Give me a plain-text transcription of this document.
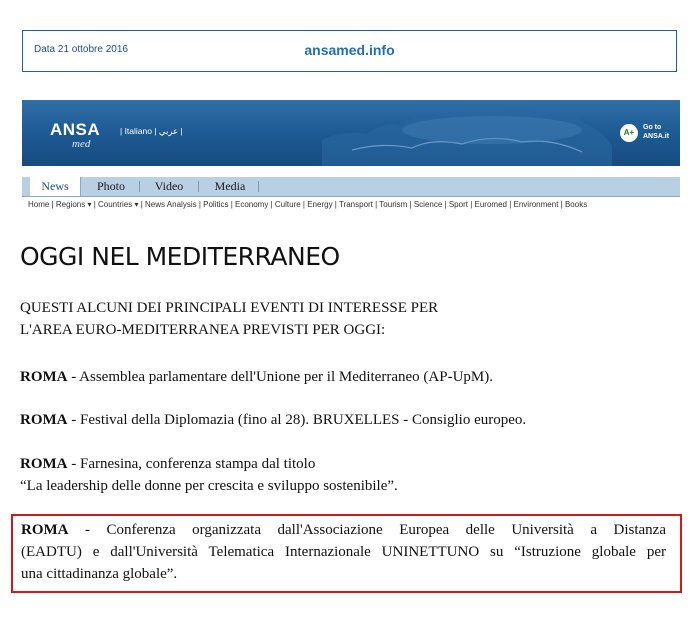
Data 21 ottobre 2016	ansamed.info
ANSA
med
| Italiano | عربي |	A+
Go to
ANSA.it
News	Photo	Video	Media
Home | Regions ▾ | Countries ▾ | News Analysis | Politics | Economy | Culture | Energy | Transport | Tourism | Science | Sport | Euromed | Environment | Books
OGGI NEL MEDITERRANEO
QUESTI ALCUNI DEI PRINCIPALI EVENTI DI INTERESSE PER
L'AREA EURO-MEDITERRANEA PREVISTI PER OGGI:
ROMA - Assemblea parlamentare dell'Unione per il Mediterraneo (AP-UpM).
ROMA - Festival della Diplomazia (fino al 28). BRUXELLES - Consiglio europeo.
ROMA - Farnesina, conferenza stampa dal titolo
“La leadership delle donne per crescita e sviluppo sostenibile”.
ROMA - Conferenza organizzata dall'Associazione Europea delle Università a Distanza
(EADTU) e dall'Università Telematica Internazionale UNINETTUNO su “Istruzione globale per
una cittadinanza globale”.
